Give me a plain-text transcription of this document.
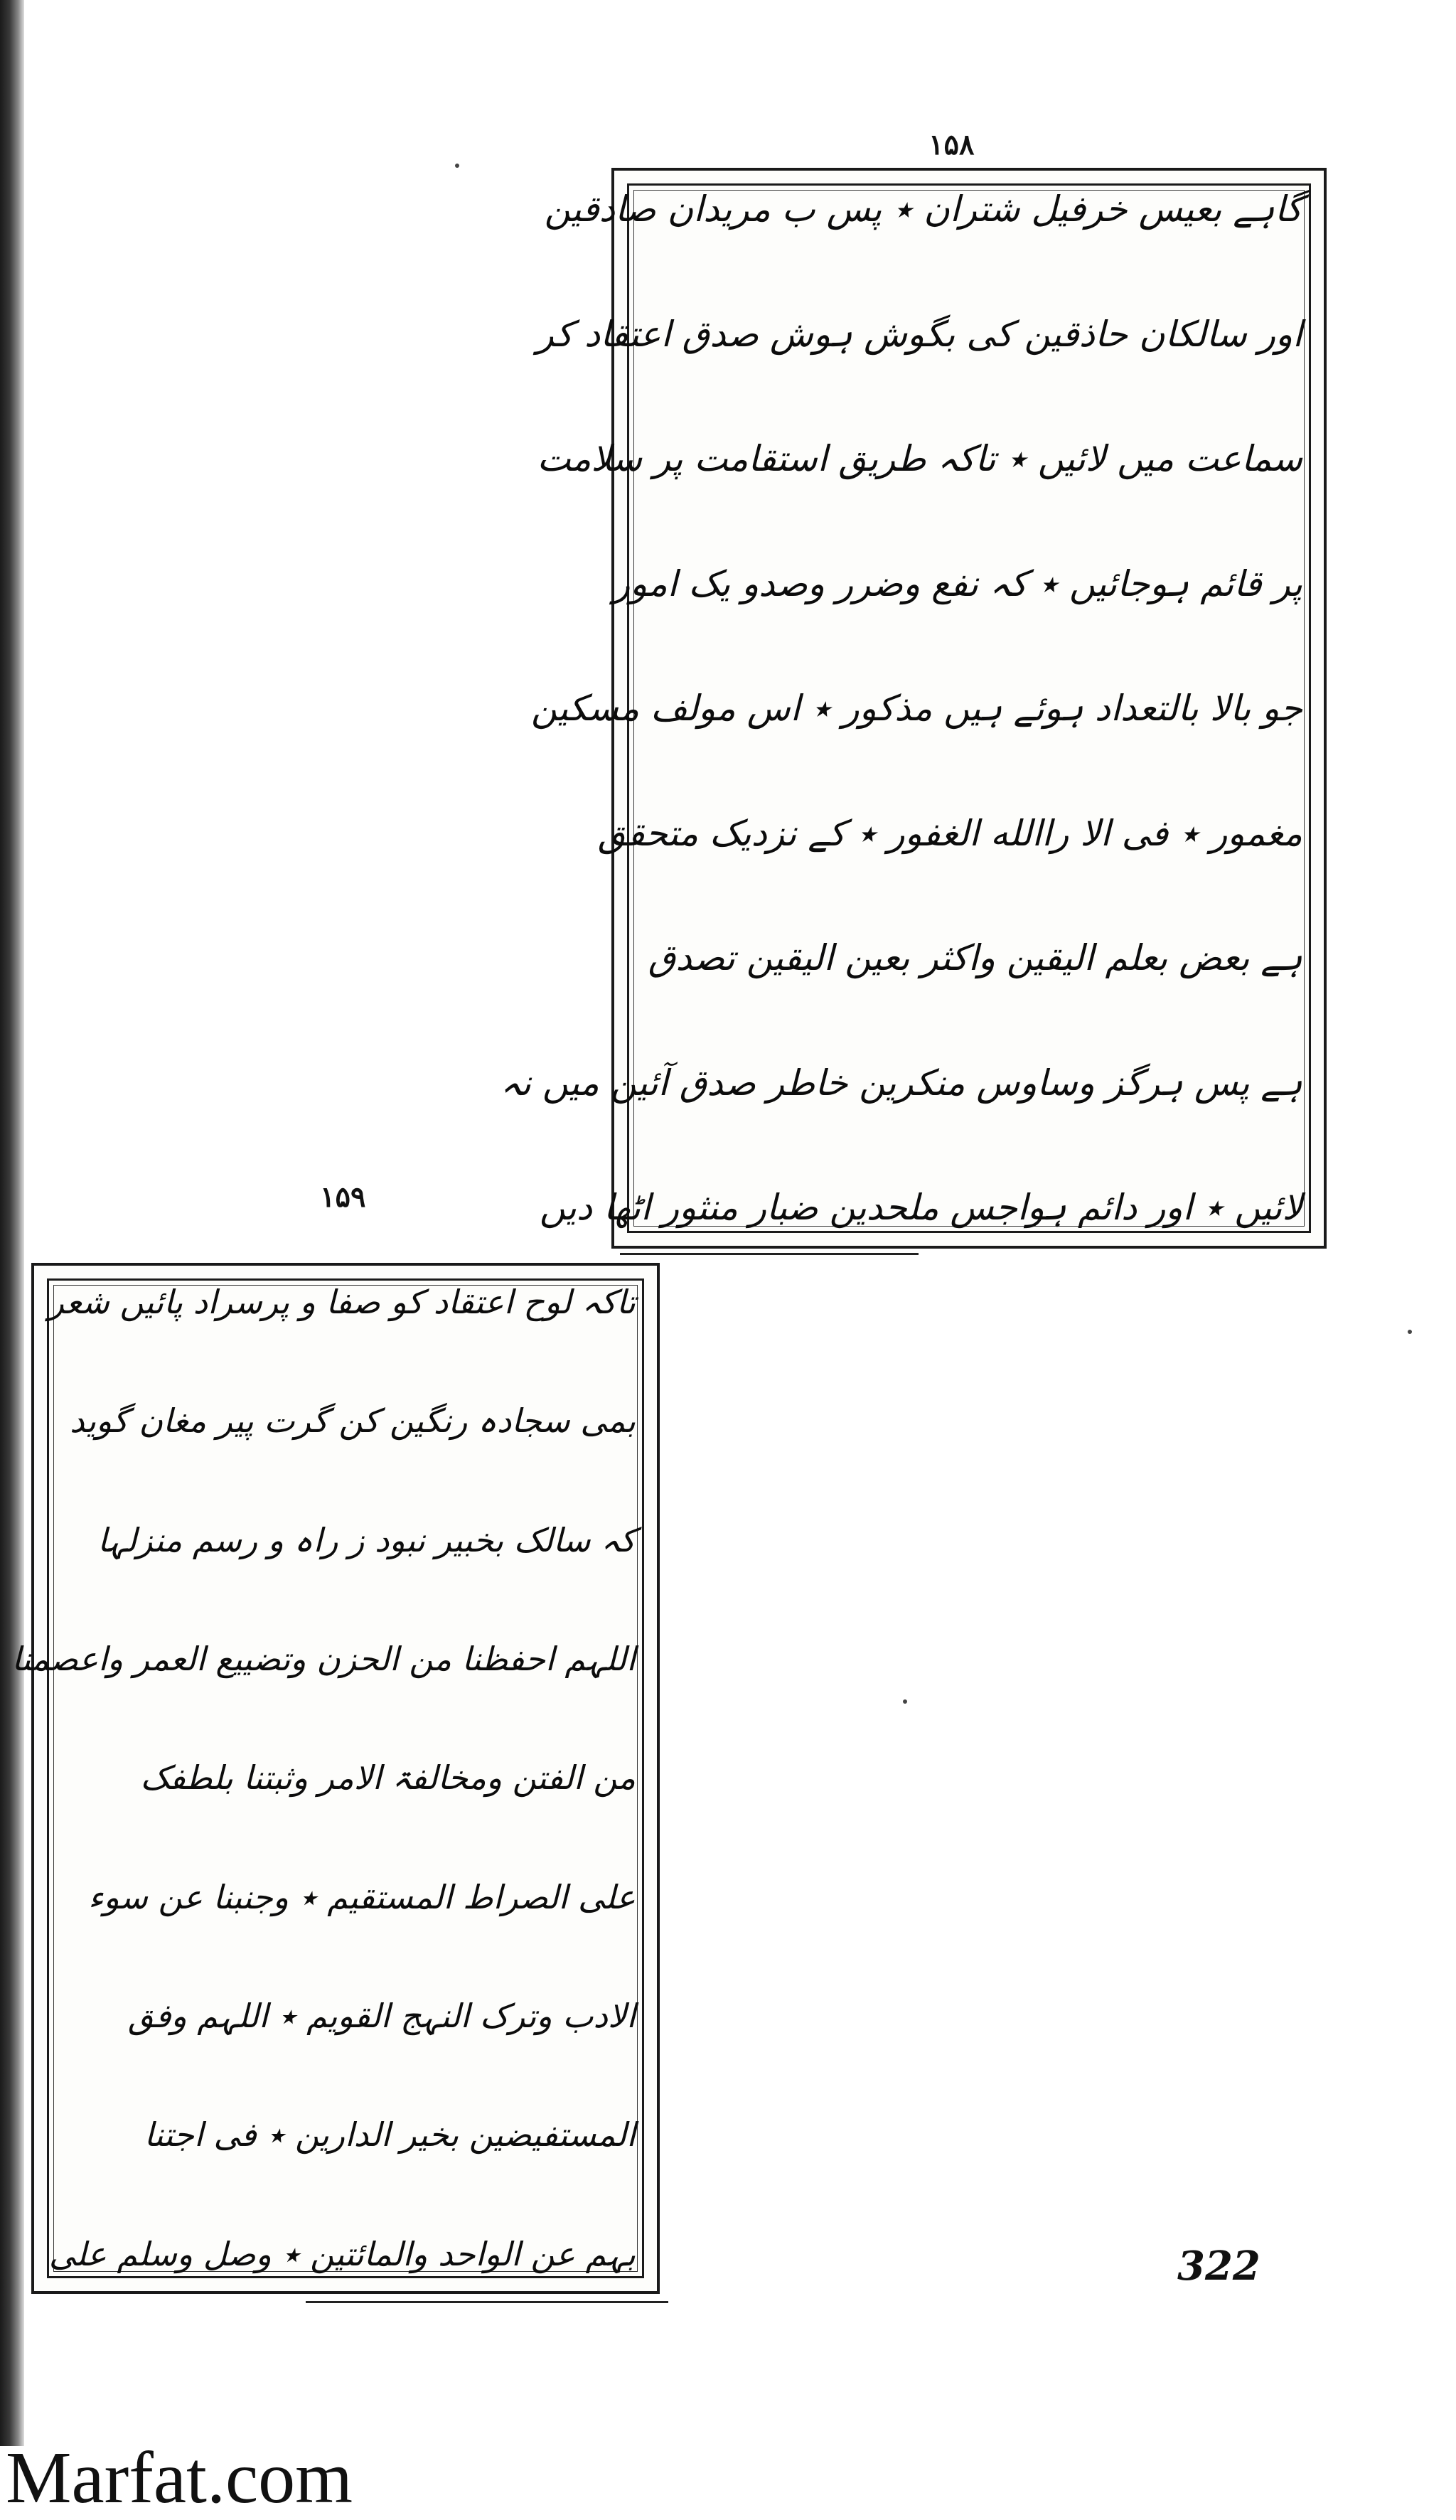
۱۵۸
گاہے بعیس خرفیل شتران ٭ پس ب مریدان صادقین
اور سالکان حاذقین کی بگوش ہوش صدق اعتقاد کر
سماعت میں لائیں ٭ تاکہ طریق استقامت پر سلامت
پر قائم ہوجائیں ٭ کہ نفع وضرر وصدو یک امور
جو بالا بالتعداد ہوئے ہیں مذکور ٭ اس مولف مسکین
مغمور ٭ فی الا راالله الغفور ٭ کے نزدیک متحقق
ہے بعض بعلم الیقین واکثر بعین الیقین تصدق
ہے پس ہرگز وساوس منکرین خاطر صدق آئین میں نہ
لائیں ٭ اور دائم ہواجس ملحدین ضبار منثور اٹھا دیں
۱۵۹
تاکہ لوح اعتقاد کو صفا و پرسراد پائیں شعر
بمی سجادہ رنگین کن گرت پیر مغان گوید
کہ سالک بخبیر نبود ز راہ و رسم منزلہا
اللہم احفظنا من الحزن وتضییع العمر واعصمنا
من الفتن ومخالفۃ الامر وثبتنا بلطفک
علی الصراط المستقیم ٭ وجنبنا عن سوء
الادب وترک النہج القویم ٭ اللہم وفق
المستفیضین بخیر الدارین ٭ فی اجتنا
بہم عن الواحد والمائتین ٭ وصل وسلم علی	322
Marfat.com
